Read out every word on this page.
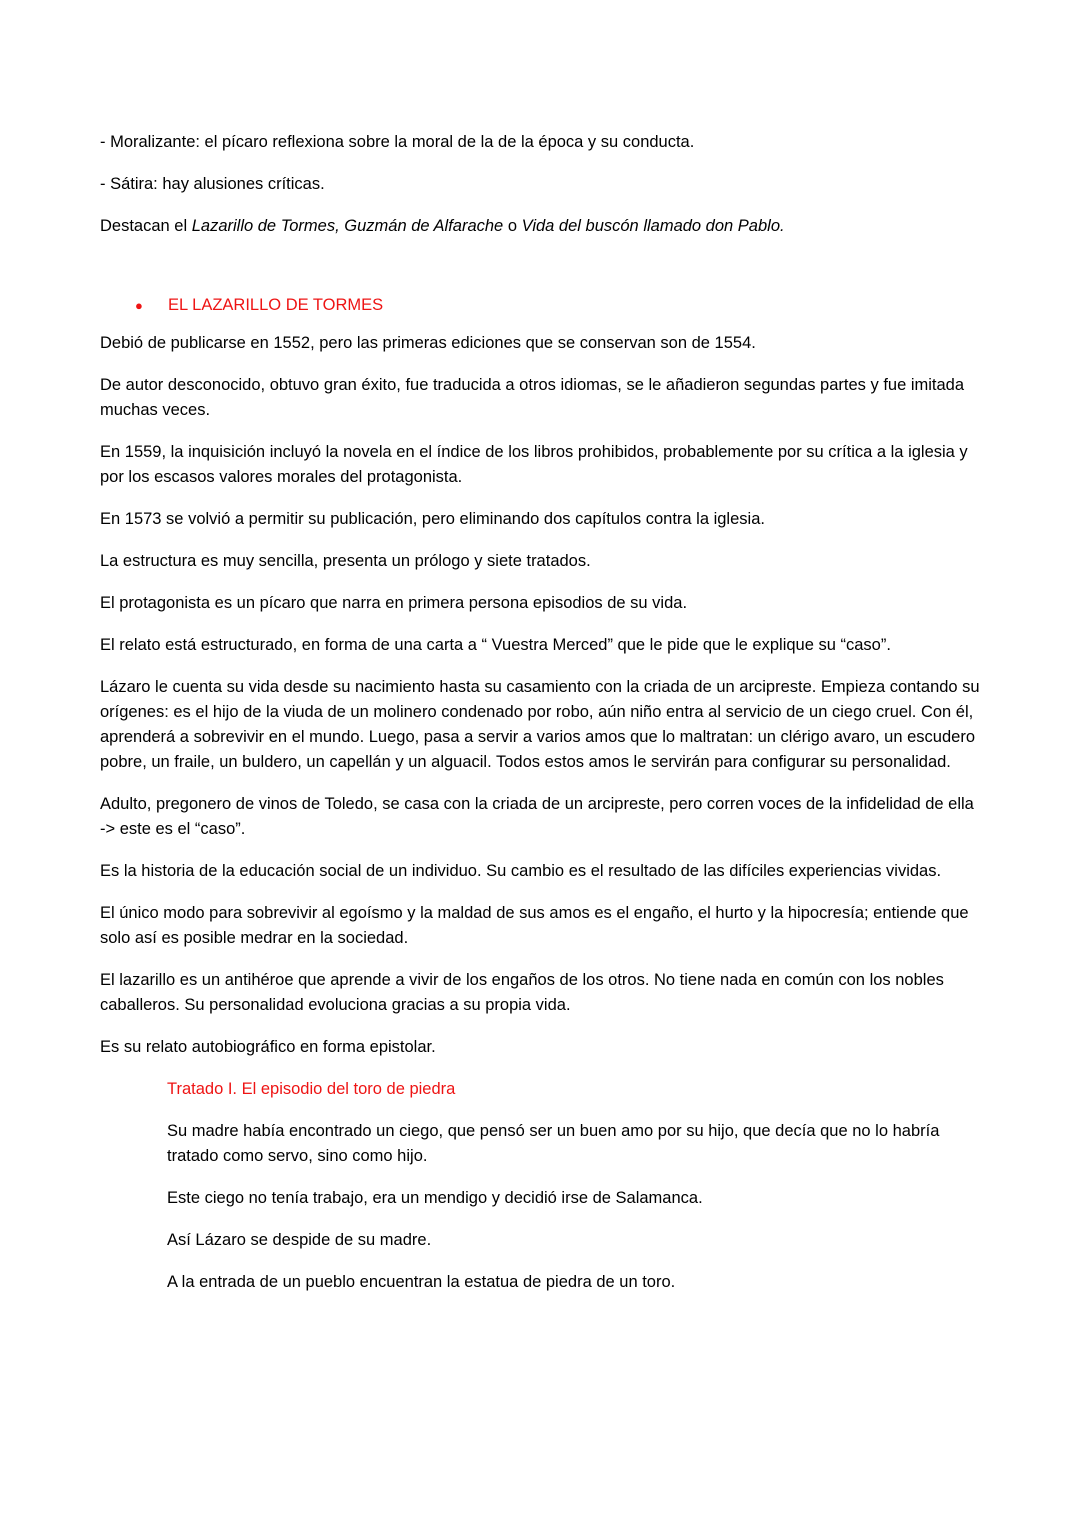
- Moralizante: el pícaro reflexiona sobre la moral de la de la época y su conducta.

- Sátira: hay alusiones críticas.

Destacan el Lazarillo de Tormes, Guzmán de Alfarache o Vida del buscón llamado don Pablo.

●	EL LAZARILLO DE TORMES

Debió de publicarse en 1552, pero las primeras ediciones que se conservan son de 1554.

De autor desconocido, obtuvo gran éxito, fue traducida a otros idiomas, se le añadieron segundas partes y fue imitada muchas veces.

En 1559, la inquisición incluyó la novela en el índice de los libros prohibidos, probablemente por su crítica a la iglesia y por los escasos valores morales del protagonista.

En 1573 se volvió a permitir su publicación, pero eliminando dos capítulos contra la iglesia.

La estructura es muy sencilla, presenta un prólogo y siete tratados.

El protagonista es un pícaro que narra en primera persona episodios de su vida.

El relato está estructurado, en forma de una carta a “ Vuestra Merced” que le pide que le explique su “caso”.

Lázaro le cuenta su vida desde su nacimiento hasta su casamiento con la criada de un arcipreste. Empieza contando su orígenes: es el hijo de la viuda de un molinero condenado por robo, aún niño entra al servicio de un ciego cruel. Con él, aprenderá a sobrevivir en el mundo. Luego, pasa a servir a varios amos que lo maltratan: un clérigo avaro, un escudero pobre, un fraile, un buldero, un capellán y un alguacil. Todos estos amos le servirán para configurar su personalidad.

Adulto, pregonero de vinos de Toledo, se casa con la criada de un arcipreste, pero corren voces de la infidelidad de ella -> este es el “caso”.

Es la historia de la educación social de un individuo. Su cambio es el resultado de las difíciles experiencias vividas.

El único modo para sobrevivir al egoísmo y la maldad de sus amos es el engaño, el hurto y la hipocresía; entiende que solo así es posible medrar en la sociedad.

El lazarillo es un antihéroe que aprende a vivir de los engaños de los otros. No tiene nada en común con los nobles caballeros. Su personalidad evoluciona gracias a su propia vida.

Es su relato autobiográfico en forma epistolar.

Tratado I. El episodio del toro de piedra

Su madre había encontrado un ciego, que pensó ser un buen amo por su hijo, que decía que no lo habría tratado como servo, sino como hijo.

Este ciego no tenía trabajo, era un mendigo y decidió irse de Salamanca.

Así Lázaro se despide de su madre.

A la entrada de un pueblo encuentran la estatua de piedra de un toro.
